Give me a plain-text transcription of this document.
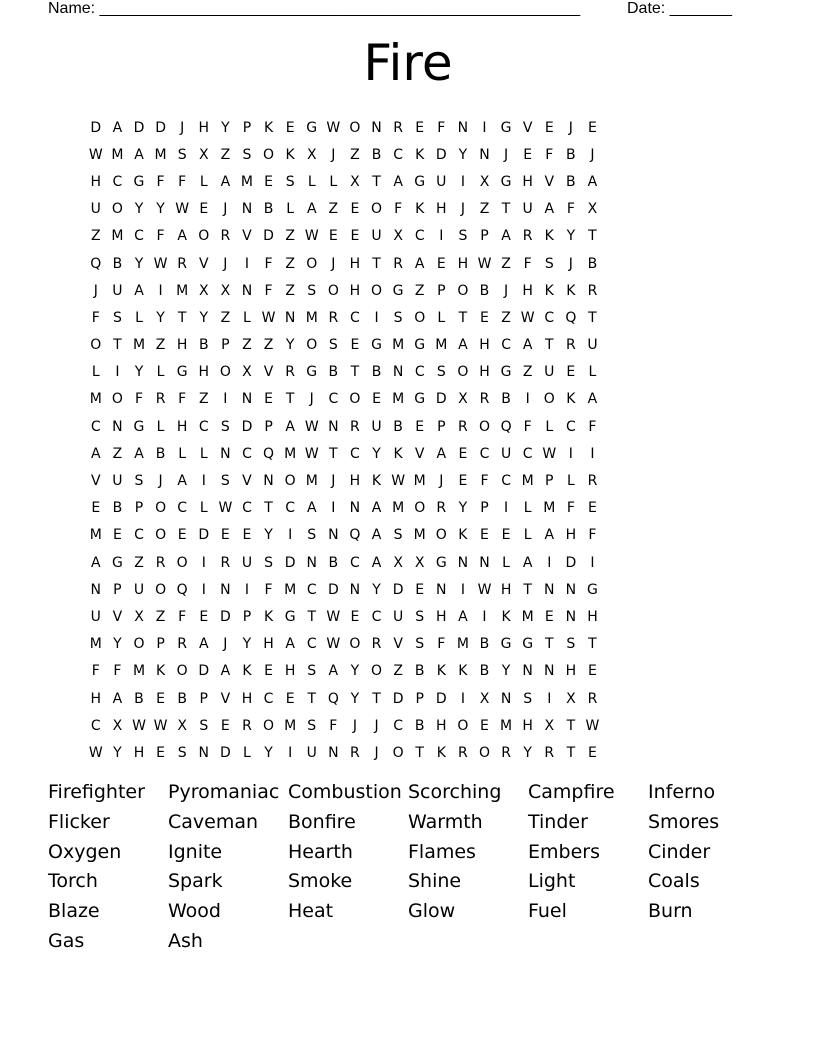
Name: ______________________________________________________	Date: _______
Fire
D A D D	J	H Y P K E G W O N R E F N	I	G V E	J	E
W M A M S X Z S O K X	J	Z B C K D Y N	J	E F B	J
H C G F F L A M E S L L X T A G U	I	X G H V B A
U O Y Y W E	J	N B L A Z E O F K H	J	Z T U A F X
Z M C F A O R V D Z W E E U X C	I	S P A R K Y T
Q B Y W R V	J	I	F Z O	J	H T R A E H W Z F S	J	B
J	U A	I M X X N F Z S O H O G Z P O B	J	H K K R
F S L Y T Y Z L W N M R C	I	S O L T E Z W C Q T
O T M Z H B P Z Z Y O S E G M G M A H C A T R U
L	I	Y L G H O X V R G B T B N C S O H G Z U E L
M O F R F Z	I	N E T	J	C O E M G D X R B	I	O K A
C N G L H C S D P A W N R U B E P R O Q F L C F
A Z A B L L N C Q M W T C Y K V A E C U C W I	I
V U S	J	A	I	S V N O M J	H K W M J	E F C M P L R
E B P O C L W C T C A	I	N A M O R Y P	I	L M F E
M E C O E D E E Y	I	S N Q A S M O K E E L A H F
A G Z R O	I	R U S D N B C A X X G N N L A	I	D	I
N P U O Q	I	N	I	F M C D N Y D E N	I W H T N N G
U V X Z F E D P K G T W E C U S H A	I	K M E N H
M Y O P R A	J	Y H A C W O R V S F M B G G T S T
F F M K O D A K E H S A Y O Z B K K B Y N N H E
H A B E B P V H C E T Q Y T D P D	I	X N S	I	X R
C X W W X S E R O M S F	J	J	C B H O E M H X T W
W Y H E S N D L Y	I	U N R	J	O T K R O R Y R T E
Firefighter	Pyromaniac Combustion Scorching	Campfire	Inferno
Flicker	Caveman	Bonfire	Warmth	Tinder	Smores
Oxygen	Ignite	Hearth	Flames	Embers	Cinder
Torch	Spark	Smoke	Shine	Light	Coals
Blaze	Wood	Heat	Glow	Fuel	Burn
Gas	Ash
